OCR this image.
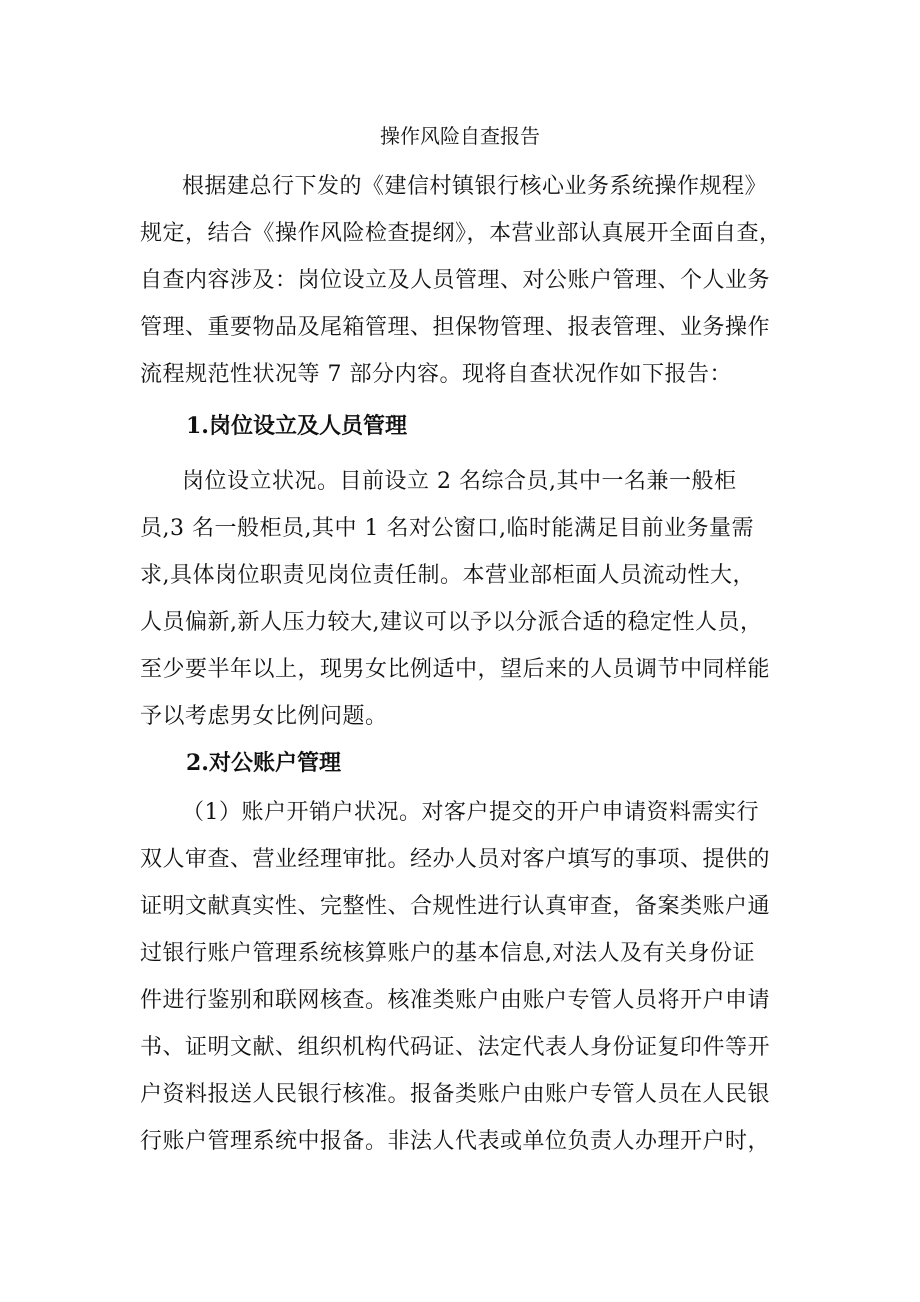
操作风险自查报告
根据建总行下发的《建信村镇银行核心业务系统操作规程》
规定，结合《操作风险检查提纲》，本营业部认真展开全面自查，
自查内容涉及：岗位设立及人员管理、对公账户管理、个人业务
管理、重要物品及尾箱管理、担保物管理、报表管理、业务操作
流程规范性状况等 7 部分内容。现将自查状况作如下报告：
1.岗位设立及人员管理
岗位设立状况。目前设立 2 名综合员,其中一名兼一般柜
员,3 名一般柜员,其中 1 名对公窗口,临时能满足目前业务量需
求,具体岗位职责见岗位责任制。本营业部柜面人员流动性大，
人员偏新,新人压力较大,建议可以予以分派合适的稳定性人员，
至少要半年以上，现男女比例适中，望后来的人员调节中同样能
予以考虑男女比例问题。
2.对公账户管理
（1）账户开销户状况。对客户提交的开户申请资料需实行
双人审查、营业经理审批。经办人员对客户填写的事项、提供的
证明文献真实性、完整性、合规性进行认真审查，备案类账户通
过银行账户管理系统核算账户的基本信息,对法人及有关身份证
件进行鉴别和联网核查。核准类账户由账户专管人员将开户申请
书、证明文献、组织机构代码证、法定代表人身份证复印件等开
户资料报送人民银行核准。报备类账户由账户专管人员在人民银
行账户管理系统中报备。非法人代表或单位负责人办理开户时，
